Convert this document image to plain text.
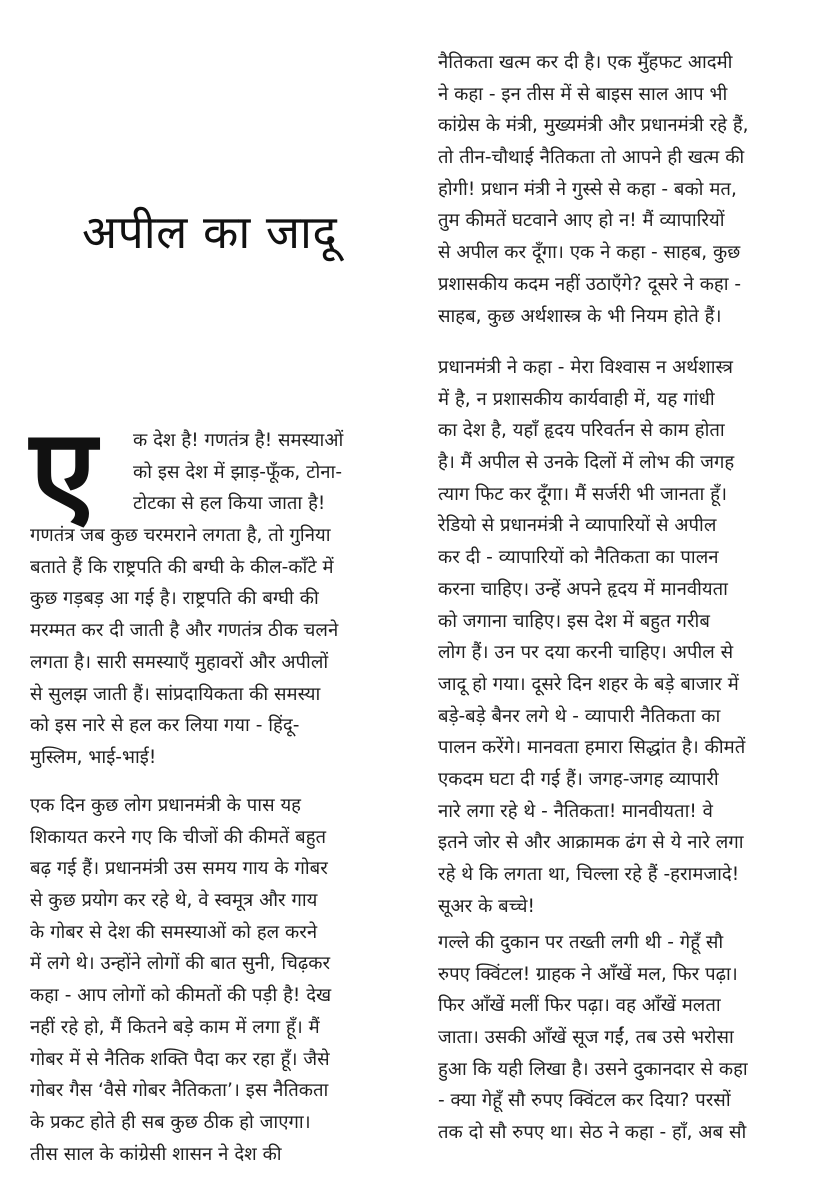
अपील का जादू
ए	क देश है! गणतंत्र है! समस्याओं
को इस देश में झाड़-फूँक, टोना-
टोटका से हल किया जाता है!
गणतंत्र जब कुछ चरमराने लगता है, तो गुनिया
बताते हैं कि राष्ट्रपति की बग्घी के कील-काँटे में
कुछ गड़बड़ आ गई है। राष्ट्रपति की बग्घी की
मरम्मत कर दी जाती है और गणतंत्र ठीक चलने
लगता है। सारी समस्याएँ मुहावरों और अपीलों
से सुलझ जाती हैं। सांप्रदायिकता की समस्या
को इस नारे से हल कर लिया गया - हिंदू-
मुस्लिम, भाई-भाई!
एक दिन कुछ लोग प्रधानमंत्री के पास यह
शिकायत करने गए कि चीजों की कीमतें बहुत
बढ़ गई हैं। प्रधानमंत्री उस समय गाय के गोबर
से कुछ प्रयोग कर रहे थे, वे स्वमूत्र और गाय
के गोबर से देश की समस्याओं को हल करने
में लगे थे। उन्होंने लोगों की बात सुनी, चिढ़कर
कहा - आप लोगों को कीमतों की पड़ी है! देख
नहीं रहे हो, मैं कितने बड़े काम में लगा हूँ। मैं
गोबर में से नैतिक शक्ति पैदा कर रहा हूँ। जैसे
गोबर गैस ‘वैसे गोबर नैतिकता’। इस नैतिकता
के प्रकट होते ही सब कुछ ठीक हो जाएगा।
तीस साल के कांग्रेसी शासन ने देश की
नैतिकता खत्म कर दी है। एक मुँहफट आदमी
ने कहा - इन तीस में से बाइस साल आप भी
कांग्रेस के मंत्री, मुख्यमंत्री और प्रधानमंत्री रहे हैं,
तो तीन-चौथाई नैतिकता तो आपने ही खत्म की
होगी! प्रधान मंत्री ने गुस्से से कहा - बको मत,
तुम कीमतें घटवाने आए हो न! मैं व्यापारियों
से अपील कर दूँगा। एक ने कहा - साहब, कुछ
प्रशासकीय कदम नहीं उठाएँगे? दूसरे ने कहा -
साहब, कुछ अर्थशास्त्र के भी नियम होते हैं।
प्रधानमंत्री ने कहा - मेरा विश्वास न अर्थशास्त्र
में है, न प्रशासकीय कार्यवाही में, यह गांधी
का देश है, यहाँ हृदय परिवर्तन से काम होता
है। मैं अपील से उनके दिलों में लोभ की जगह
त्याग फिट कर दूँगा। मैं सर्जरी भी जानता हूँ।
रेडियो से प्रधानमंत्री ने व्यापारियों से अपील
कर दी - व्यापारियों को नैतिकता का पालन
करना चाहिए। उन्हें अपने हृदय में मानवीयता
को जगाना चाहिए। इस देश में बहुत गरीब
लोग हैं। उन पर दया करनी चाहिए। अपील से
जादू हो गया। दूसरे दिन शहर के बड़े बाजार में
बड़े-बड़े बैनर लगे थे - व्यापारी नैतिकता का
पालन करेंगे। मानवता हमारा सिद्धांत है। कीमतें
एकदम घटा दी गई हैं। जगह-जगह व्यापारी
नारे लगा रहे थे - नैतिकता! मानवीयता! वे
इतने जोर से और आक्रामक ढंग से ये नारे लगा
रहे थे कि लगता था, चिल्ला रहे हैं -हरामजादे!
सूअर के बच्चे!
गल्ले की दुकान पर तख्ती लगी थी - गेहूँ सौ
रुपए क्विंटल! ग्राहक ने आँखें मल, फिर पढ़ा।
फिर आँखें मलीं फिर पढ़ा। वह आँखें मलता
जाता। उसकी आँखें सूज गईं, तब उसे भरोसा
हुआ कि यही लिखा है। उसने दुकानदार से कहा
- क्या गेहूँ सौ रुपए क्विंटल कर दिया? परसों
तक दो सौ रुपए था। सेठ ने कहा - हाँ, अब सौ
